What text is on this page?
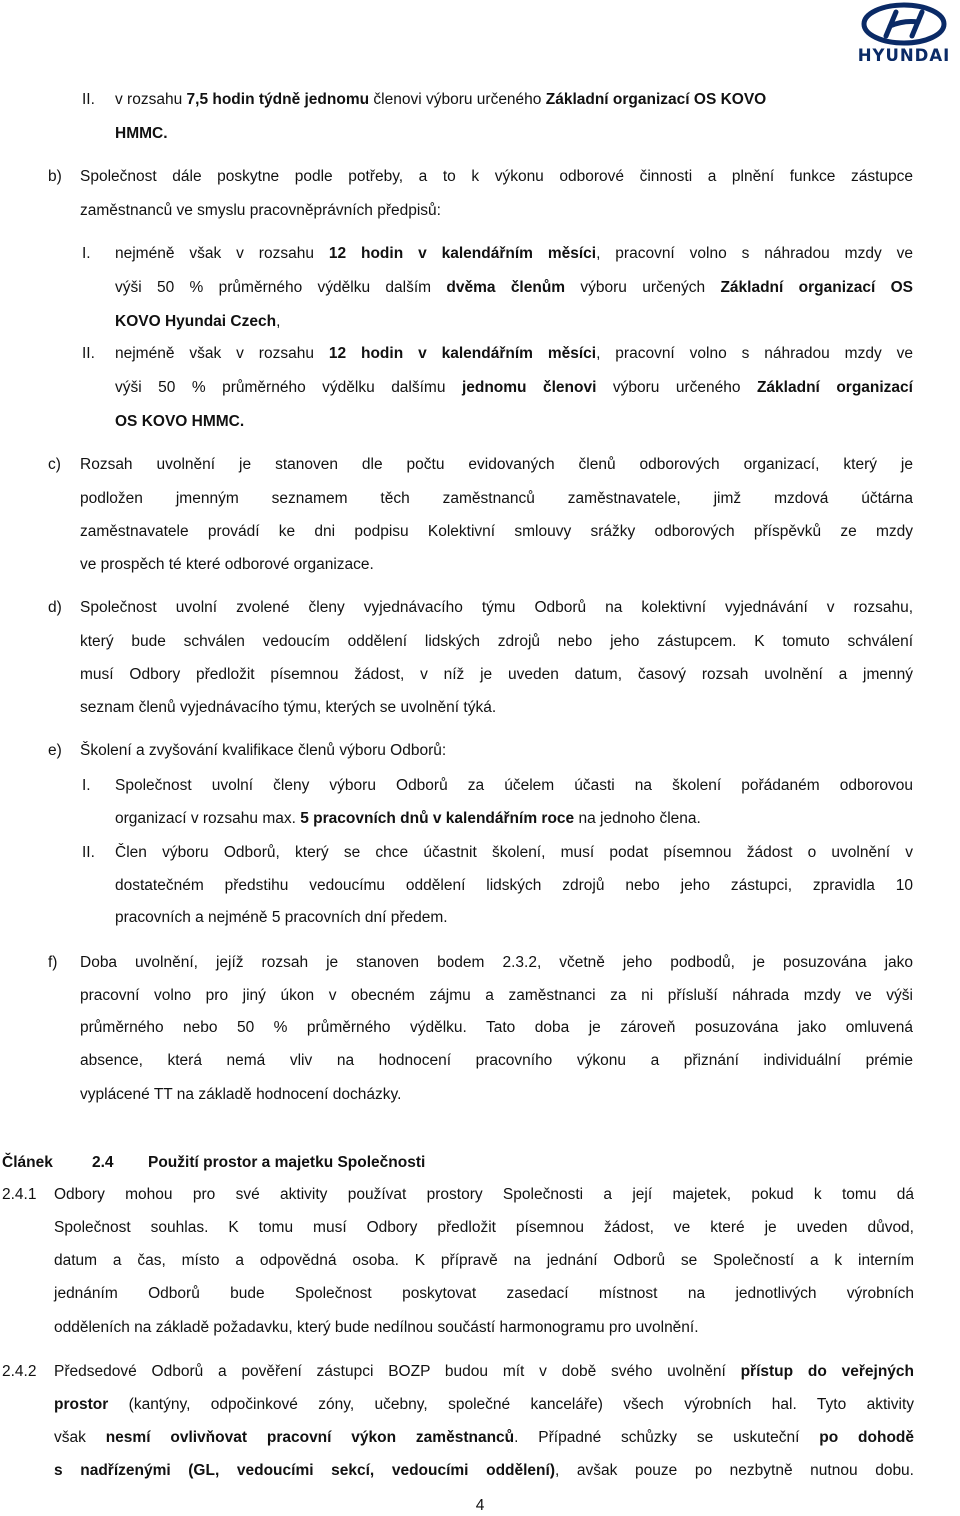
HYUNDAI
II. v rozsahu 7,5 hodin týdně jednomu členovi výboru určeného Základní organizací OS KOVO
HMMC.
b) Společnost dále poskytne podle potřeby, a to k výkonu odborové činnosti a plnění funkce zástupce
zaměstnanců ve smyslu pracovněprávních předpisů:
I. nejméně však v rozsahu 12 hodin v kalendářním měsíci, pracovní volno s náhradou mzdy ve
výši 50 % průměrného výdělku dalším dvěma členům výboru určených Základní organizací OS
KOVO Hyundai Czech,
II. nejméně však v rozsahu 12 hodin v kalendářním měsíci, pracovní volno s náhradou mzdy ve
výši 50 % průměrného výdělku dalšímu jednomu členovi výboru určeného Základní organizací
OS KOVO HMMC.
c) Rozsah uvolnění je stanoven dle počtu evidovaných členů odborových organizací, který je
podložen jmenným seznamem těch zaměstnanců zaměstnavatele, jimž mzdová účtárna
zaměstnavatele provádí ke dni podpisu Kolektivní smlouvy srážky odborových příspěvků ze mzdy
ve prospěch té které odborové organizace.
d) Společnost uvolní zvolené členy vyjednávacího týmu Odborů na kolektivní vyjednávání v rozsahu,
který bude schválen vedoucím oddělení lidských zdrojů nebo jeho zástupcem. K tomuto schválení
musí Odbory předložit písemnou žádost, v níž je uveden datum, časový rozsah uvolnění a jmenný
seznam členů vyjednávacího týmu, kterých se uvolnění týká.
e) Školení a zvyšování kvalifikace členů výboru Odborů:
I. Společnost uvolní členy výboru Odborů za účelem účasti na školení pořádaném odborovou
organizací v rozsahu max. 5 pracovních dnů v kalendářním roce na jednoho člena.
II. Člen výboru Odborů, který se chce účastnit školení, musí podat písemnou žádost o uvolnění v
dostatečném předstihu vedoucímu oddělení lidských zdrojů nebo jeho zástupci, zpravidla 10
pracovních a nejméně 5 pracovních dní předem.
f) Doba uvolnění, jejíž rozsah je stanoven bodem 2.3.2, včetně jeho podbodů, je posuzována jako
pracovní volno pro jiný úkon v obecném zájmu a zaměstnanci za ni přísluší náhrada mzdy ve výši
průměrného nebo 50 % průměrného výdělku. Tato doba je zároveň posuzována jako omluvená
absence, která nemá vliv na hodnocení pracovního výkonu a přiznání individuální prémie
vyplácené TT na základě hodnocení docházky.
Článek	2.4 Použití prostor a majetku Společnosti
2.4.1 Odbory mohou pro své aktivity používat prostory Společnosti a její majetek, pokud k tomu dá
Společnost souhlas. K tomu musí Odbory předložit písemnou žádost, ve které je uveden důvod,
datum a čas, místo a odpovědná osoba. K přípravě na jednání Odborů se Společností a k interním
jednáním Odborů bude Společnost poskytovat zasedací místnost na jednotlivých výrobních
odděleních na základě požadavku, který bude nedílnou součástí harmonogramu pro uvolnění.
2.4.2 Předsedové Odborů a pověření zástupci BOZP budou mít v době svého uvolnění přístup do veřejných
prostor (kantýny, odpočinkové zóny, učebny, společné kanceláře) všech výrobních hal. Tyto aktivity
však nesmí ovlivňovat pracovní výkon zaměstnanců. Případné schůzky se uskuteční po dohodě
s nadřízenými (GL, vedoucími sekcí, vedoucími oddělení), avšak pouze po nezbytně nutnou dobu.
4
